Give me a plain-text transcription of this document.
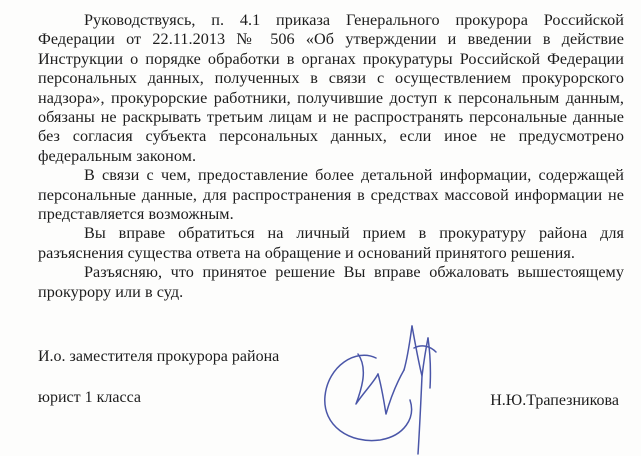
Руководствуясь, п. 4.1 приказа Генерального прокурора Российской Федерации от 22.11.2013 № 506 «Об утверждении и введении в действие Инструкции о порядке обработки в органах прокуратуры Российской Федерации персональных данных, полученных в связи с осуществлением прокурорского надзора», прокурорские работники, получившие доступ к персональным данным, обязаны не раскрывать третьим лицам и не распространять персональные данные без согласия субъекта персональных данных, если иное не предусмотрено федеральным законом.

В связи с чем, предоставление более детальной информации, содержащей персональные данные, для распространения в средствах массовой информации не представляется возможным.

Вы вправе обратиться на личный прием в прокуратуру района для разъяснения существа ответа на обращение и оснований принятого решения.

Разъясняю, что принятое решение Вы вправе обжаловать вышестоящему прокурору или в суд.

И.о. заместителя прокурора района
юрист 1 класса	Н.Ю.Трапезникова
